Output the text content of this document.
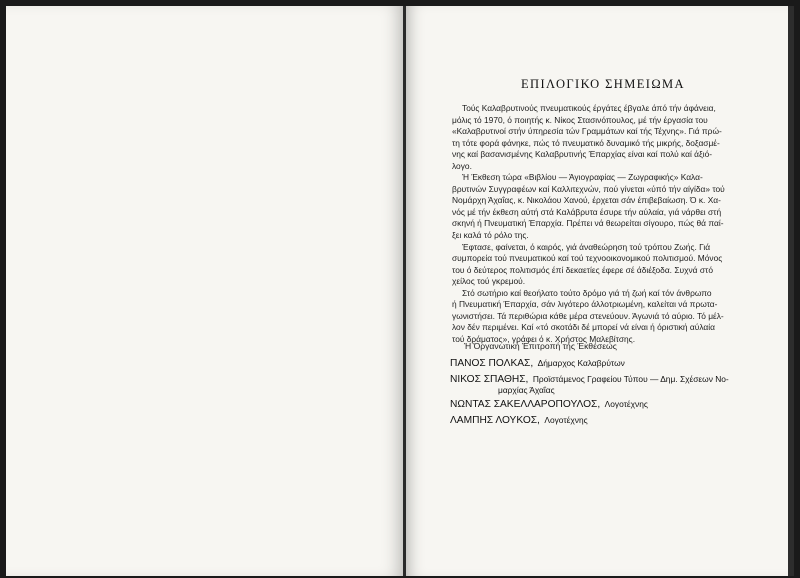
ΕΠΙΛΟΓΙΚΟ ΣΗΜΕΙΩΜΑ
Τούς Καλαβρυτινούς πνευματικούς έργάτες έβγαλε άπό τήν άφάνεια,
μόλις τό 1970, ό ποιητής κ. Νίκος Στασινόπουλος, μέ τήν έργασία του
«Καλαβρυτινοί στήν ύπηρεσία τών Γραμμάτων καί τής Τέχνης». Γιά πρώ-
τη τότε φορά φάνηκε, πώς τό πνευματικό δυναμικό τής μικρής, δοξασμέ-
νης καί βασανισμένης Καλαβρυτινής Έπαρχίας είναι καί πολύ καί άξιό-
λογο.
Ή Έκθεση τώρα «Βιβλίου — Άγιογραφίας — Ζωγραφικής» Καλα-
βρυτινών Συγγραφέων καί Καλλιτεχνών, πού γίνεται «ύπό τήν αίγίδα» τού
Νομάρχη Άχαΐας, κ. Νικολάου Χανού, έρχεται σάν έπιβεβαίωση. Ό κ. Χα-
νός μέ τήν έκθεση αύτή στά Καλάβρυτα έσυρε τήν αύλαία, γιά νάρθει στή
σκηνή ή Πνευματική Έπαρχία. Πρέπει νά θεωρείται σίγουρο, πώς θά παί-
ξει καλά τό ρόλο της.
Έφτασε, φαίνεται, ό καιρός, γιά άναθεώρηση τού τρόπου Ζωής. Γιά
συμπορεία τού πνευματικού καί τού τεχνοοικονομικού πολιτισμού. Μόνος
του ό δεύτερος πολιτισμός έπί δεκαετίες έφερε σέ άδιέξοδα. Συχνά στό
χείλος τού γκρεμού.
Στό σωτήριο καί θεοήλατο τούτο δρόμο γιά τή ζωή καί τόν άνθρωπο
ή Πνευματική Έπαρχία, σάν λιγότερο άλλοτριωμένη, καλείται νά πρωτα-
γωνιστήσει. Τά περιθώρια κάθε μέρα στενεύουν. Άγωνιά τό αύριο. Τό μέλ-
λον δέν περιμένει. Καί «τό σκοτάδι δέ μπορεί νά είναι ή όριστική αύλαία
τού δράματος», γράφει ό κ. Χρήστος Μαλεβίτσης.
Ή Όργανωτική Έπιτροπή τής Έκθέσεως
ΠΑΝΟΣ ΠΟΛΚΑΣ, Δήμαρχος Καλαβρύτων
ΝΙΚΟΣ ΣΠΑΘΗΣ, Προϊστάμενος Γραφείου Τύπου — Δημ. Σχέσεων Νο-
μαρχίας Άχαΐας
ΝΩΝΤΑΣ ΣΑΚΕΛΛΑΡΟΠΟΥΛΟΣ, Λογοτέχνης
ΛΑΜΠΗΣ ΛΟΥΚΟΣ, Λογοτέχνης
